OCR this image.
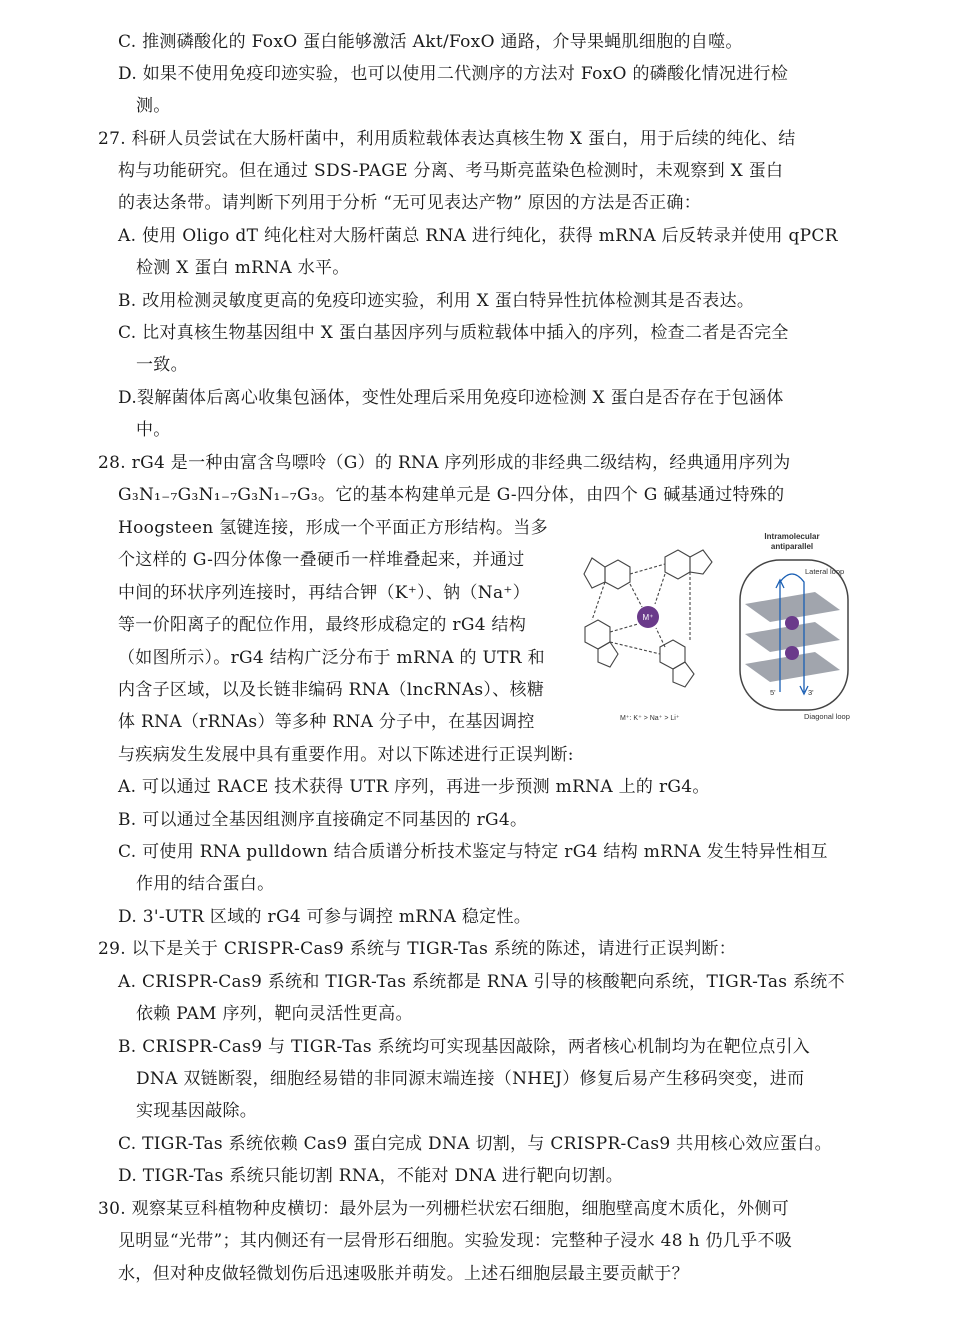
C. 推测磷酸化的 FoxO 蛋白能够激活 Akt/FoxO 通路，介导果蝇肌细胞的自噬。
D. 如果不使用免疫印迹实验，也可以使用二代测序的方法对 FoxO 的磷酸化情况进行检
测。
27. 科研人员尝试在大肠杆菌中，利用质粒载体表达真核生物 X 蛋白，用于后续的纯化、结
构与功能研究。但在通过 SDS-PAGE 分离、考马斯亮蓝染色检测时，未观察到 X 蛋白
的表达条带。请判断下列用于分析 “无可见表达产物” 原因的方法是否正确：
A. 使用 Oligo dT 纯化柱对大肠杆菌总 RNA 进行纯化，获得 mRNA 后反转录并使用 qPCR
检测 X 蛋白 mRNA 水平。
B. 改用检测灵敏度更高的免疫印迹实验，利用 X 蛋白特异性抗体检测其是否表达。
C. 比对真核生物基因组中 X 蛋白基因序列与质粒载体中插入的序列，检查二者是否完全
一致。
D.裂解菌体后离心收集包涵体，变性处理后采用免疫印迹检测 X 蛋白是否存在于包涵体
中。
28. rG4 是一种由富含鸟嘌呤（G）的 RNA 序列形成的非经典二级结构，经典通用序列为
G₃N₁₋₇G₃N₁₋₇G₃N₁₋₇G₃。它的基本构建单元是 G-四分体，由四个 G 碱基通过特殊的
Hoogsteen 氢键连接，形成一个平面正方形结构。当多
个这样的 G-四分体像一叠硬币一样堆叠起来，并通过
中间的环状序列连接时，再结合钾（K⁺）、钠（Na⁺）
等一价阳离子的配位作用，最终形成稳定的 rG4 结构
（如图所示）。rG4 结构广泛分布于 mRNA 的 UTR 和
内含子区域，以及长链非编码 RNA（lncRNAs）、核糖
体 RNA（rRNAs）等多种 RNA 分子中，在基因调控
与疾病发生发展中具有重要作用。对以下陈述进行正误判断:
A. 可以通过 RACE 技术获得 UTR 序列，再进一步预测 mRNA 上的 rG4。
B. 可以通过全基因组测序直接确定不同基因的 rG4。
C. 可使用 RNA pulldown 结合质谱分析技术鉴定与特定 rG4 结构 mRNA 发生特异性相互
作用的结合蛋白。
D. 3'-UTR 区域的 rG4 可参与调控 mRNA 稳定性。
29. 以下是关于 CRISPR-Cas9 系统与 TIGR-Tas 系统的陈述，请进行正误判断：
A. CRISPR-Cas9 系统和 TIGR-Tas 系统都是 RNA 引导的核酸靶向系统，TIGR-Tas 系统不
依赖 PAM 序列，靶向灵活性更高。
B. CRISPR-Cas9 与 TIGR-Tas 系统均可实现基因敲除，两者核心机制均为在靶位点引入
DNA 双链断裂，细胞经易错的非同源末端连接（NHEJ）修复后易产生移码突变，进而
实现基因敲除。
C. TIGR-Tas 系统依赖 Cas9 蛋白完成 DNA 切割，与 CRISPR-Cas9 共用核心效应蛋白。
D. TIGR-Tas 系统只能切割 RNA，不能对 DNA 进行靶向切割。
30. 观察某豆科植物种皮横切：最外层为一列栅栏状宏石细胞，细胞壁高度木质化，外侧可
见明显“光带”；其内侧还有一层骨形石细胞。实验发现：完整种子浸水 48 h 仍几乎不吸
水，但对种皮做轻微划伤后迅速吸胀并萌发。上述石细胞层最主要贡献于？
M⁺
M⁺: K⁺ > Na⁺ > Li⁺
Intramolecular
antiparallel
Lateral loop
Diagonal loop
5'	3'
